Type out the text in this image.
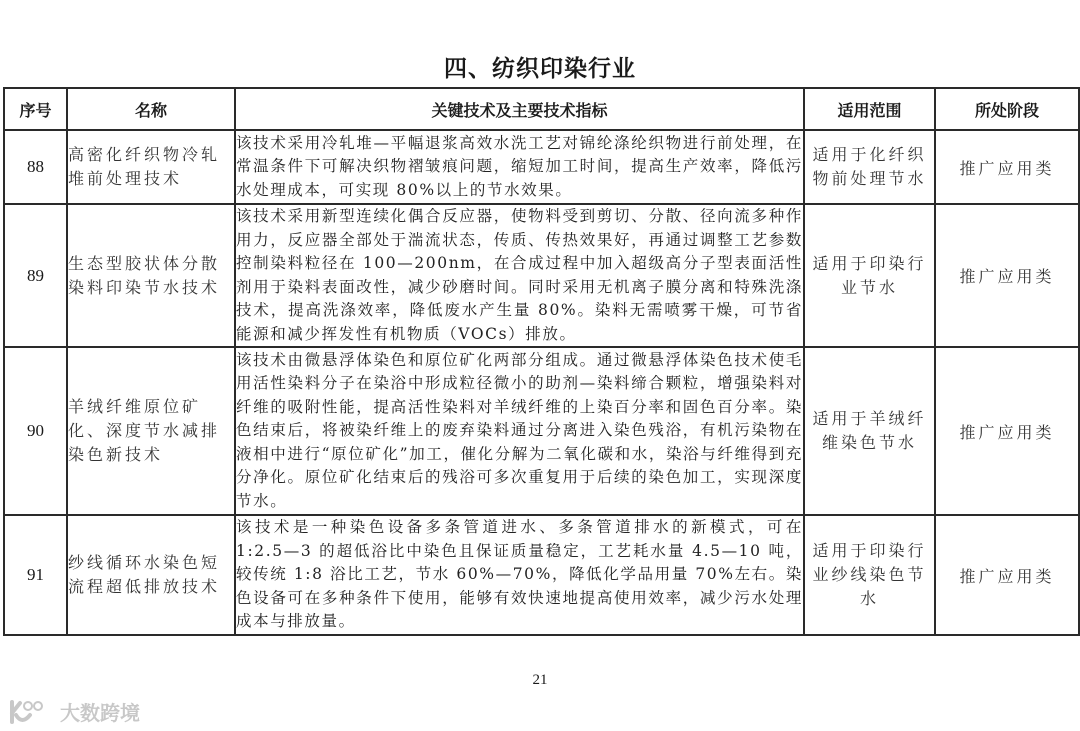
四、纺织印染行业
序号	名称	关键技术及主要技术指标	适用范围	所处阶段
88	高密化纤织物冷轧堆前处理技术	该技术采用冷轧堆—平幅退浆高效水洗工艺对锦纶涤纶织物进行前处理，在常温条件下可解决织物褶皱痕问题，缩短加工时间，提高生产效率，降低污水处理成本，可实现 80%以上的节水效果。	适用于化纤织物前处理节水	推广应用类
89	生态型胶状体分散染料印染节水技术	该技术采用新型连续化偶合反应器，使物料受到剪切、分散、径向流多种作用力，反应器全部处于湍流状态，传质、传热效果好，再通过调整工艺参数控制染料粒径在 100—200nm，在合成过程中加入超级高分子型表面活性剂用于染料表面改性，减少砂磨时间。同时采用无机离子膜分离和特殊洗涤技术，提高洗涤效率，降低废水产生量 80%。染料无需喷雾干燥，可节省能源和减少挥发性有机物质（VOCs）排放。	适用于印染行业节水	推广应用类
90	羊绒纤维原位矿化、深度节水减排染色新技术	该技术由微悬浮体染色和原位矿化两部分组成。通过微悬浮体染色技术使毛用活性染料分子在染浴中形成粒径微小的助剂—染料缔合颗粒，增强染料对纤维的吸附性能，提高活性染料对羊绒纤维的上染百分率和固色百分率。染色结束后，将被染纤维上的废弃染料通过分离进入染色残浴，有机污染物在液相中进行“原位矿化”加工，催化分解为二氧化碳和水，染浴与纤维得到充分净化。原位矿化结束后的残浴可多次重复用于后续的染色加工，实现深度节水。	适用于羊绒纤维染色节水	推广应用类
91	纱线循环水染色短流程超低排放技术	该技术是一种染色设备多条管道进水、多条管道排水的新模式，可在 1:2.5—3 的超低浴比中染色且保证质量稳定，工艺耗水量 4.5—10 吨，较传统 1:8 浴比工艺，节水 60%—70%，降低化学品用量 70%左右。染色设备可在多种条件下使用，能够有效快速地提高使用效率，减少污水处理成本与排放量。	适用于印染行业纱线染色节水	推广应用类
21
大数跨境
